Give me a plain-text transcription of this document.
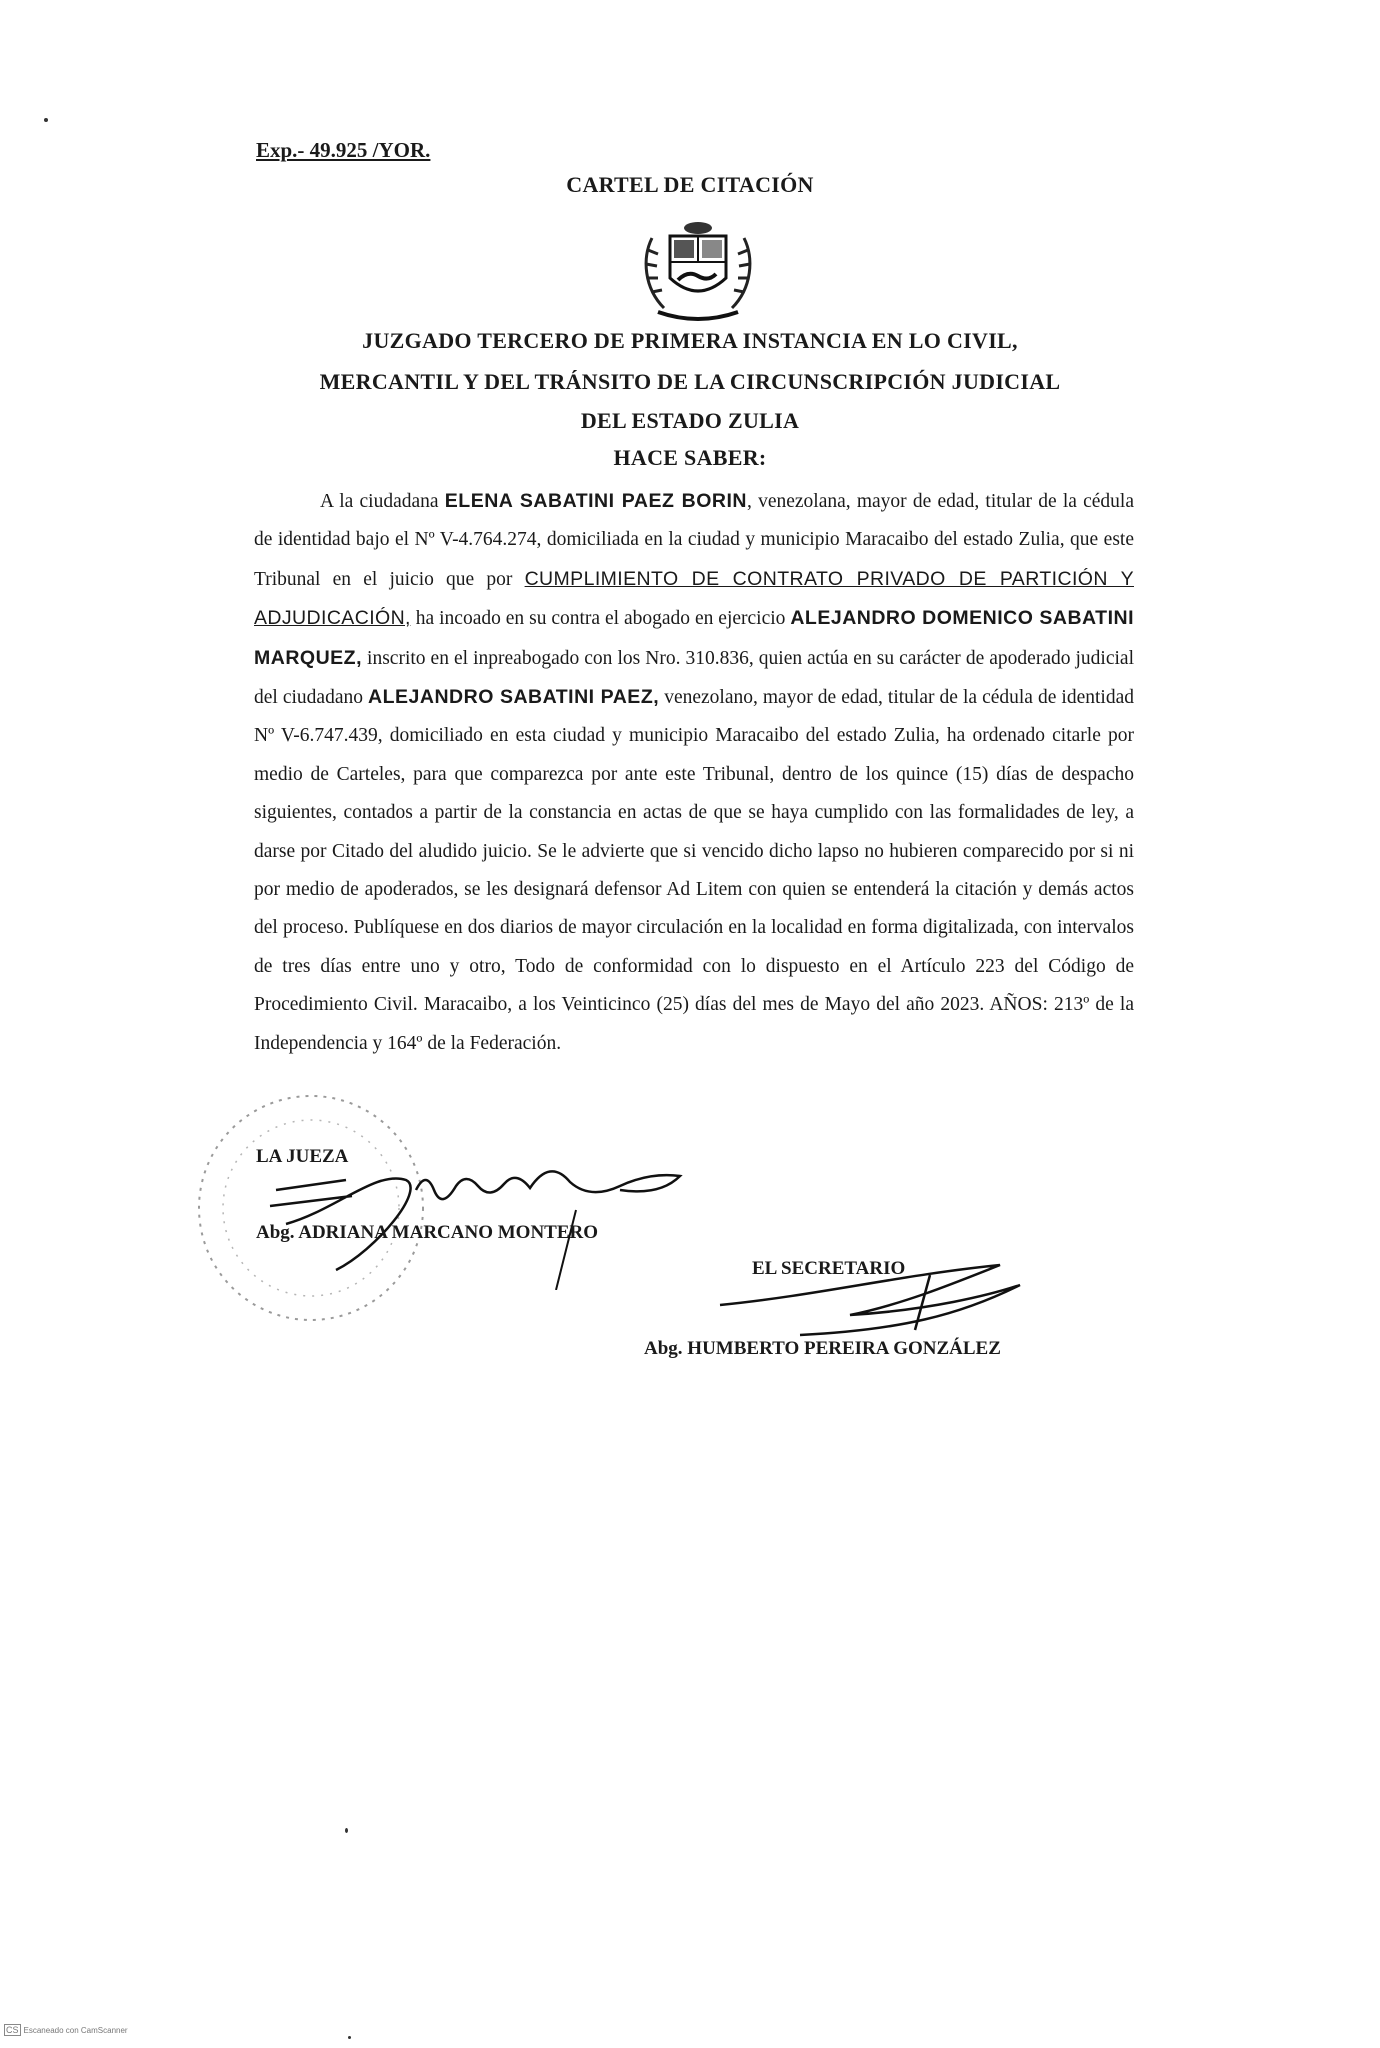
Exp.- 49.925 /YOR.
CARTEL DE CITACIÓN
JUZGADO TERCERO DE PRIMERA INSTANCIA EN LO CIVIL,
MERCANTIL Y DEL TRÁNSITO DE LA CIRCUNSCRIPCIÓN JUDICIAL
DEL ESTADO ZULIA
HACE SABER:

A la ciudadana ELENA SABATINI PAEZ BORIN, venezolana, mayor de edad, titular de la cédula de identidad bajo el Nº V-4.764.274, domiciliada en la ciudad y municipio Maracaibo del estado Zulia, que este Tribunal en el juicio que por CUMPLIMIENTO DE CONTRATO PRIVADO DE PARTICIÓN Y ADJUDICACIÓN, ha incoado en su contra el abogado en ejercicio ALEJANDRO DOMENICO SABATINI MARQUEZ, inscrito en el inpreabogado con los Nro. 310.836, quien actúa en su carácter de apoderado judicial del ciudadano ALEJANDRO SABATINI PAEZ, venezolano, mayor de edad, titular de la cédula de identidad Nº V-6.747.439, domiciliado en esta ciudad y municipio Maracaibo del estado Zulia, ha ordenado citarle por medio de Carteles, para que comparezca por ante este Tribunal, dentro de los quince (15) días de despacho siguientes, contados a partir de la constancia en actas de que se haya cumplido con las formalidades de ley, a darse por Citado del aludido juicio. Se le advierte que si vencido dicho lapso no hubieren comparecido por si ni por medio de apoderados, se les designará defensor Ad Litem con quien se entenderá la citación y demás actos del proceso. Publíquese en dos diarios de mayor circulación en la localidad en forma digitalizada, con intervalos de tres días entre uno y otro, Todo de conformidad con lo dispuesto en el Artículo 223 del Código de Procedimiento Civil. Maracaibo, a los Veinticinco (25) días del mes de Mayo del año 2023. AÑOS: 213º de la Independencia y 164º de la Federación.

LA JUEZA
Abg. ADRIANA MARCANO MONTERO
EL SECRETARIO
Abg. HUMBERTO PEREIRA GONZÁLEZ
CS Escaneado con CamScanner
